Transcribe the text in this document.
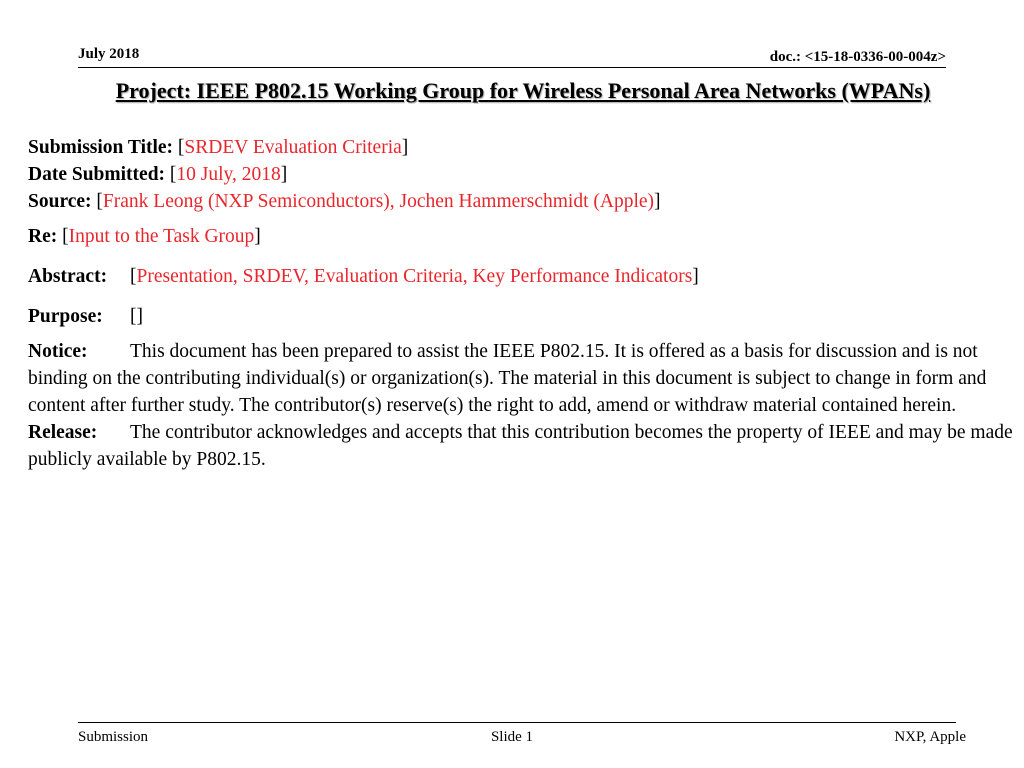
July 2018	doc.: <15-18-0336-00-004z>
Project: IEEE P802.15 Working Group for Wireless Personal Area Networks (WPANs)
Submission Title: [SRDEV Evaluation Criteria]
Date Submitted: [10 July, 2018]
Source: [Frank Leong (NXP Semiconductors), Jochen Hammerschmidt (Apple)]
Re: [Input to the Task Group]
Abstract: [Presentation, SRDEV, Evaluation Criteria, Key Performance Indicators]
Purpose: []
Notice: This document has been prepared to assist the IEEE P802.15. It is offered as a basis for discussion and is not binding on the contributing individual(s) or organization(s). The material in this document is subject to change in form and content after further study. The contributor(s) reserve(s) the right to add, amend or withdraw material contained herein.
Release: The contributor acknowledges and accepts that this contribution becomes the property of IEEE and may be made publicly available by P802.15.
Submission	Slide 1	NXP, Apple
